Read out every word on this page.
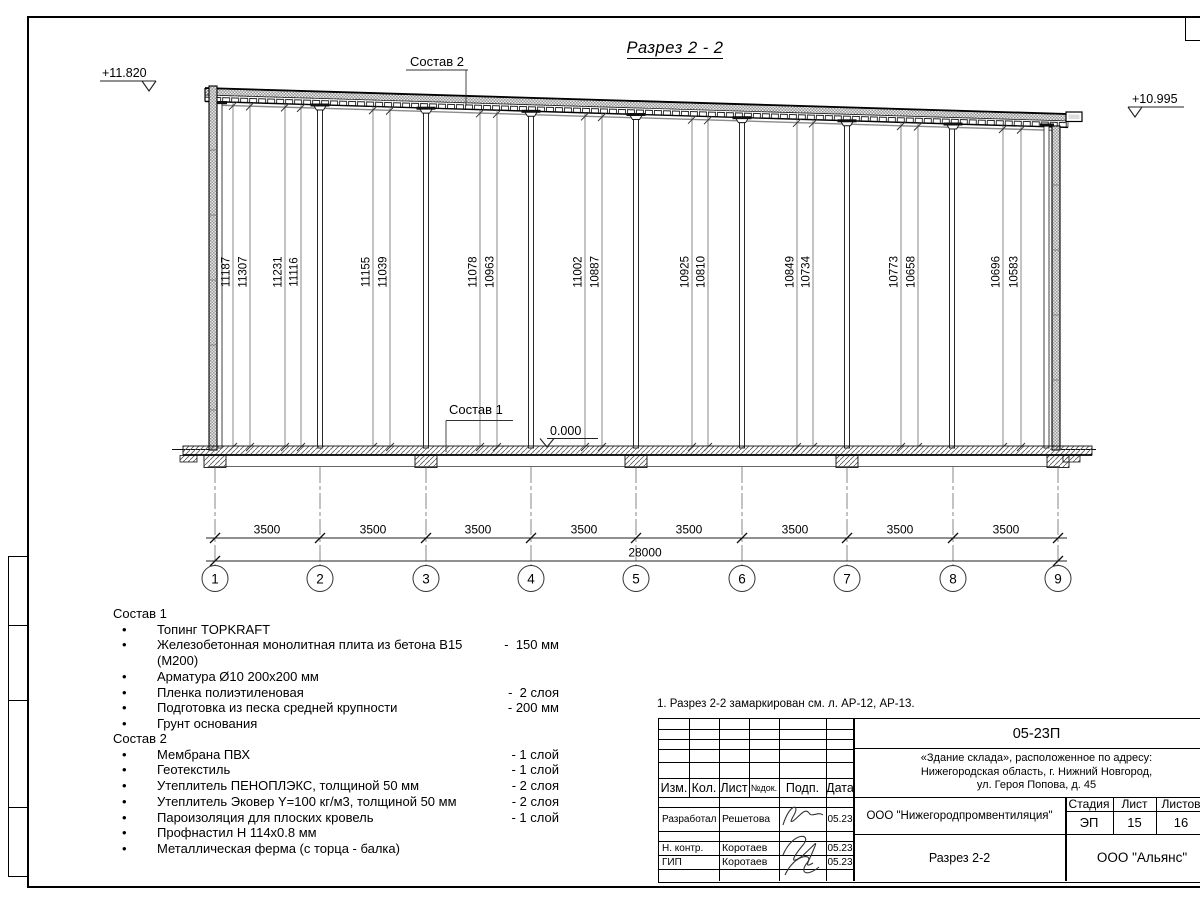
Разрез 2 - 2
11187 11307 11231 11116	11155 11039	11078 10963	11002 10887	10925 10810	10849 10734	10773 10658	10696 10583
Состав 2
Состав 1
+11.820
+10.995
0.000
3500	3500	3500	3500	3500	3500	3500	3500
28000
1	2	3	4	5	6	7	8	9
Состав 1
•	Топинг TOPKRAFT
•	Железобетонная монолитная плита из бетона B15 (M200)
-  150 мм
•	Арматура Ø10 200x200 мм
•	Пленка полиэтиленовая	-  2 слоя
•	Подготовка из песка средней крупности	- 200 мм
•	Грунт основания
Состав 2
•	Мембрана ПВХ	- 1 слой
•	Геотекстиль	- 1 слой
•	Утеплитель ПЕНОПЛЭКС, толщиной 50 мм	- 2 слоя
•	Утеплитель Эковер Y=100 кг/м3, толщиной 50 мм	- 2 слоя
•	Пароизоляция для плоских кровель	- 1 слой
•	Профнастил H 114x0.8 мм
•	Металлическая ферма (с торца - балка)
1. Разрез 2-2 замаркирован см. л. АР-12, АР-13.
Изм. Кол. Лист №док. Подп. Дата
Разработал Решетова	05.23
Н. контр.	Коротаев	05.23
ГИП	Коротаев	05.23
05-23П
«Здание склада», расположенное по адресу:
Нижегородская область, г. Нижний Новгород,
ул. Героя Попова, д. 45
ООО "Нижегородпромвентиляция"
Стадия	Лист	Листов
ЭП	15	16
Разрез 2-2	ООО "Альянс"
